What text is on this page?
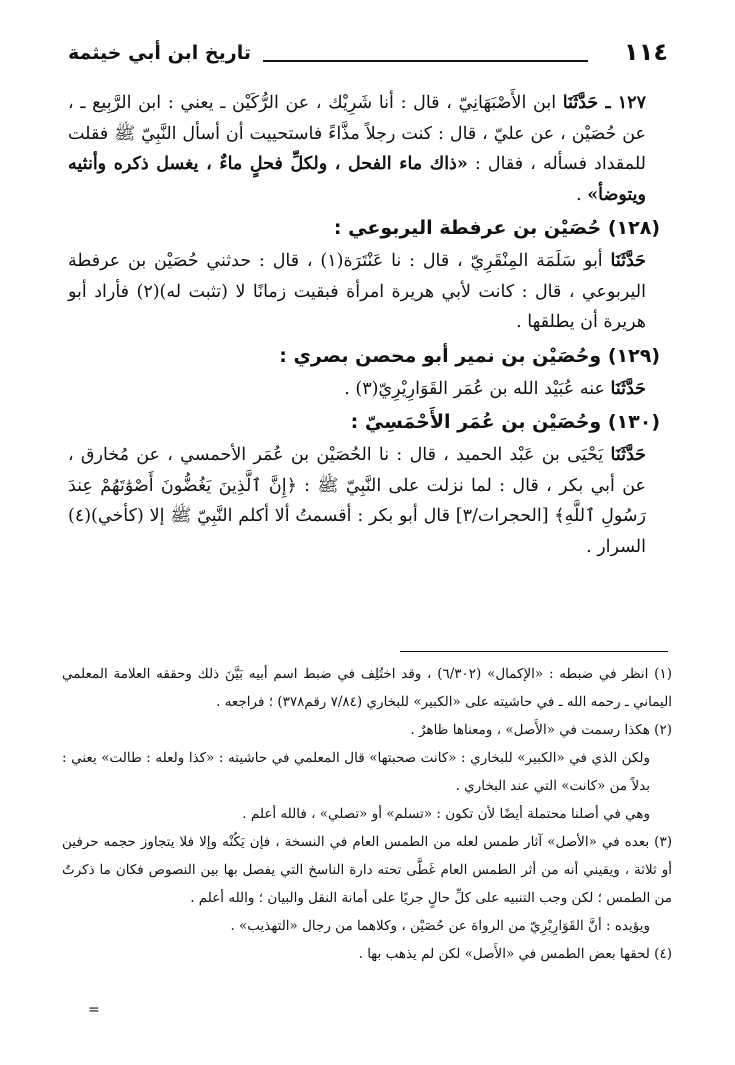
١١٤
تاريخ ابن أبي خيثمة

١٢٧ ـ حَدَّثَنَا ابن الأَصْبَهَانِيّ ، قال : أنا شَرِيْك ، عن الرُّكَيْن ـ يعني : ابن الرَّبِيع ـ ، عن حُصَيْن ، عن عليّ ، قال : كنت رجلاً مذَّاءً فاستحييت أن أسأل النَّبِيّ ﷺ فقلت للمقداد فسأله ، فقال : «ذاك ماء الفحل ، ولكلِّ فحلٍ ماءٌ ، يغسل ذكره وأنثيه ويتوضأ» .

(١٢٨) حُصَيْن بن عرفطة اليربوعي :

حَدَّثَنَا أبو سَلَمَة المِنْقَرِيّ ، قال : نا عَنْتَرَة(١) ، قال : حدثني حُصَيْن بن عرفطة اليربوعي ، قال : كانت لأبي هريرة امرأة فبقيت زمانًا لا (تثبت له)(٢) فأراد أبو هريرة أن يطلقها .

(١٢٩) وحُصَيْن بن نمير أبو محصن بصري :

حَدَّثَنَا عنه عُبَيْد الله بن عُمَر القَوَارِيْرِيّ(٣) .

(١٣٠) وحُصَيْن بن عُمَر الأَحْمَسِيّ :

حَدَّثَنَا يَحْيَى بن عَبْد الحميد ، قال : نا الحُصَيْن بن عُمَر الأحمسي ، عن مُخارق ، عن أبي بكر ، قال : لما نزلت على النَّبِيّ ﷺ : ﴿إِنَّ ٱلَّذِينَ يَغُضُّونَ أَصْوَٰتَهُمْ عِندَ رَسُولِ ٱللَّهِ﴾ [الحجرات/٣] قال أبو بكر : أقسمتُ ألا أكلم النَّبِيّ ﷺ إلا (كأخي)(٤) السرار .

(١) انظر في ضبطه : «الإكمال» (٦/٣٠٢) ، وقد اختُلِف في ضبط اسم أبيه بَيَّنَ ذلك وحققه العلامة المعلمي اليماني ـ رحمه الله ـ في حاشيته على «الكبير» للبخاري (٧/٨٤ رقم٣٧٨) ؛ فراجعه .

(٢) هكذا رسمت في «الأَصل» ، ومعناها ظاهرٌ .

ولكن الذي في «الكبير» للبخاري : «كانت صحبتها» قال المعلمي في حاشيته : «كذا ولعله : طالت» يعني : بدلاً من «كانت» التي عند البخاري .

وهي في أصلنا محتملة أيضًا لأن تكون : «تسلم» أو «تصلي» ، فالله أعلم .

(٣) بعده في «الأصل» آثار طمس لعله من الطمس العام في النسخة ، فإن يَكُنْه وإلا فلا يتجاوز حجمه حرفين أو ثلاثة ، ويقيني أنه من أثر الطمس العام غَطَّى تحته دارة الناسخ التي يفصل بها بين النصوص فكان ما ذكرتُ من الطمس ؛ لكن وجب التنبيه على كلِّ حالٍ جريًا على أمانة النقل والبيان ؛ والله أعلم .

ويؤيده : أنَّ القَوَارِيْرِيّ من الرواة عن حُصَيْن ، وكلاهما من رجال «التهذيب» .

(٤) لحقها بعض الطمس في «الأَصل» لكن لم يذهب بها .

=
